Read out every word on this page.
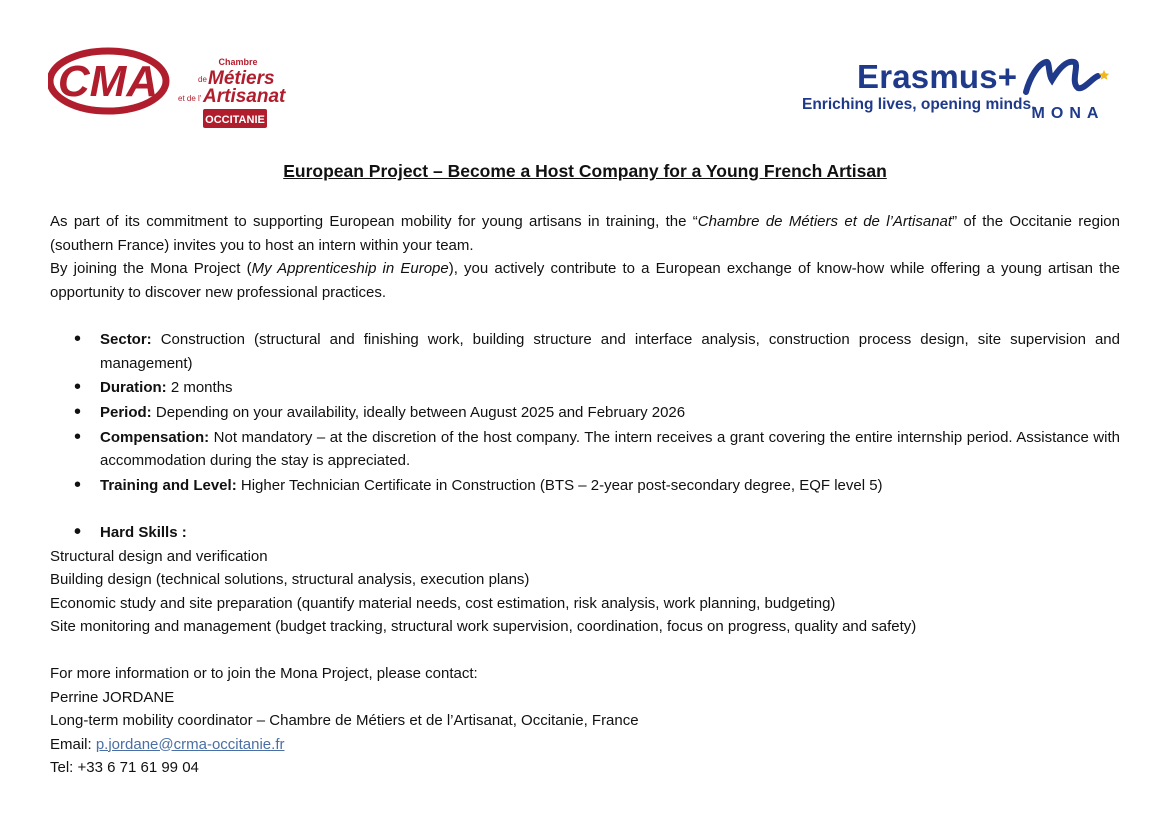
CMA	Chambre
de Métiers
et de l' Artisanat
OCCITANIE
Erasmus+
Enriching lives, opening minds.
MONA
European Project – Become a Host Company for a Young French Artisan
As part of its commitment to supporting European mobility for young artisans in training, the “Chambre de Métiers et de l’Artisanat” of the Occitanie region (southern France) invites you to host an intern within your team.
By joining the Mona Project (My Apprenticeship in Europe), you actively contribute to a European exchange of know-how while offering a young artisan the opportunity to discover new professional practices.
• Sector: Construction (structural and finishing work, building structure and interface analysis, construction process design, site supervision and management)
• Duration: 2 months
• Period: Depending on your availability, ideally between August 2025 and February 2026
• Compensation: Not mandatory – at the discretion of the host company. The intern receives a grant covering the entire internship period. Assistance with accommodation during the stay is appreciated.
• Training and Level: Higher Technician Certificate in Construction (BTS – 2-year post-secondary degree, EQF level 5)
• Hard Skills :
Structural design and verification
Building design (technical solutions, structural analysis, execution plans)
Economic study and site preparation (quantify material needs, cost estimation, risk analysis, work planning, budgeting)
Site monitoring and management (budget tracking, structural work supervision, coordination, focus on progress, quality and safety)
For more information or to join the Mona Project, please contact:
Perrine JORDANE
Long-term mobility coordinator – Chambre de Métiers et de l’Artisanat, Occitanie, France
Email: p.jordane@crma-occitanie.fr
Tel: +33 6 71 61 99 04
